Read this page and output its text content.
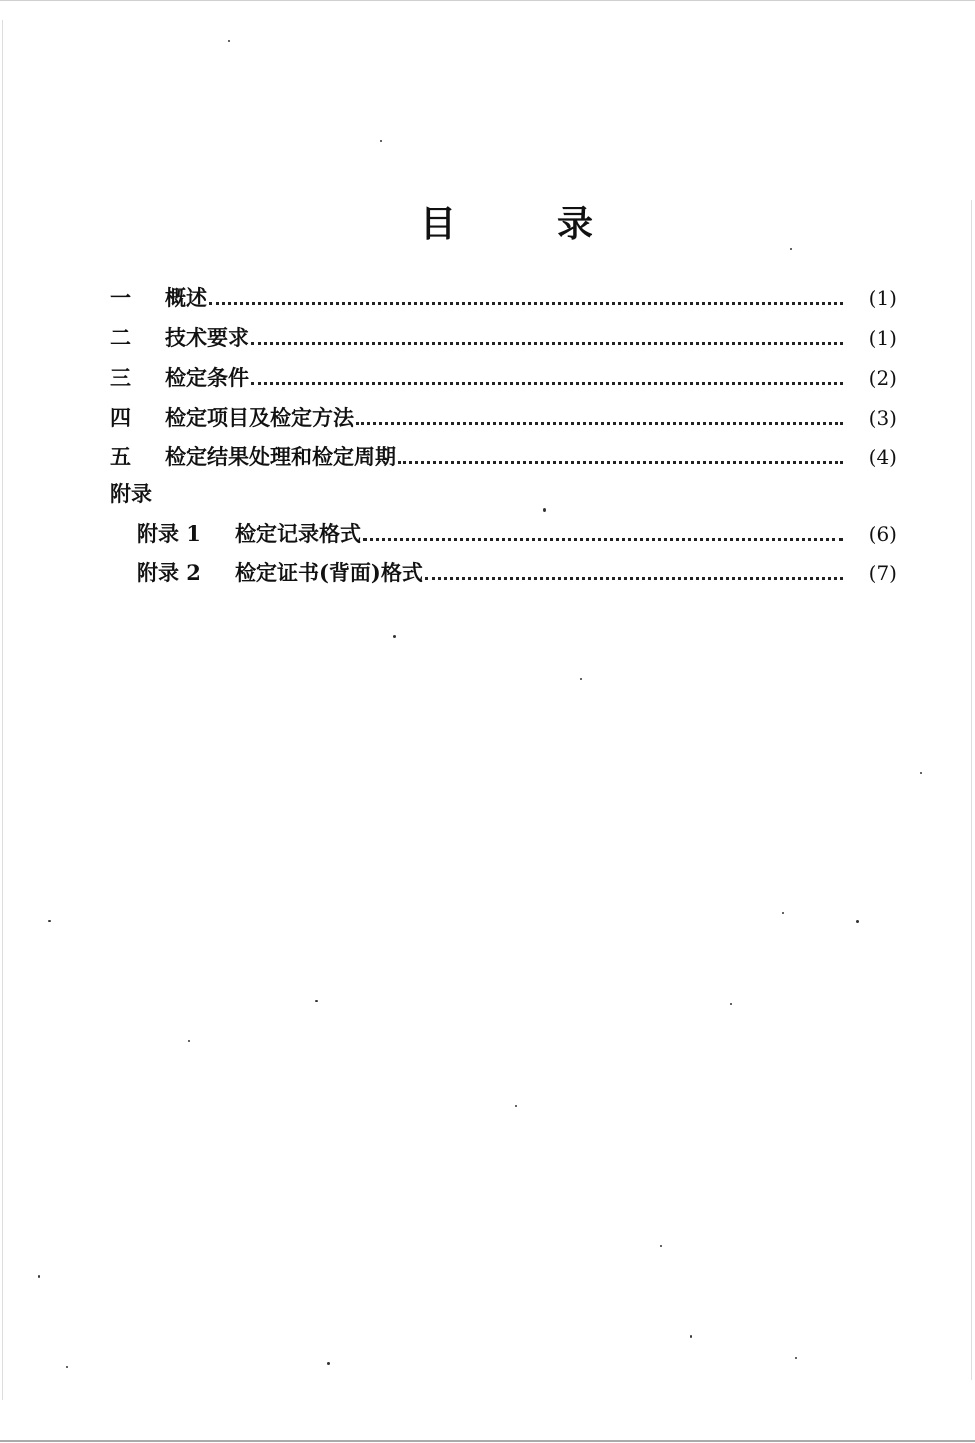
目	录
一	概述	(1)
二	技术要求	(1)
三	检定条件	(2)
四	检定项目及检定方法	(3)
五	检定结果处理和检定周期	(4)
附录
附录 1	检定记录格式	(6)
附录 2	检定证书(背面)格式	(7)
